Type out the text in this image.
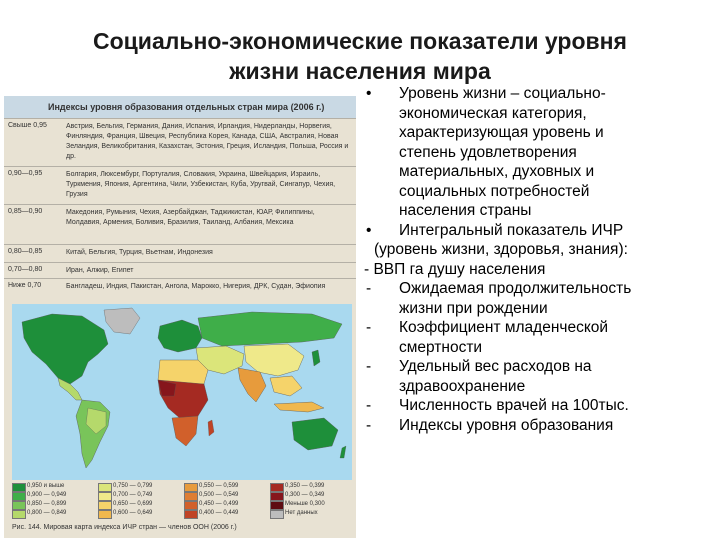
Социально-экономические показатели уровня
жизни населения мира
Индексы уровня образования отдельных стран мира (2006 г.)
Свыше 0,95	Австрия, Бельгия, Германия, Дания, Испания, Ирландия, Нидерланды, Норвегия, Финляндия, Франция, Швеция, Республика Корея, Канада, США, Австралия, Новая Зеландия, Великобритания, Казахстан, Эстония, Греция, Исландия, Польша, Россия и др.
0,90—0,95	Болгария, Люксембург, Португалия, Словакия, Украина, Швейцария, Израиль, Туркмения, Япония, Аргентина, Чили, Узбекистан, Куба, Уругвай, Сингапур, Чехия, Грузия
0,85—0,90	Македония, Румыния, Чехия, Азербайджан, Таджикистан, ЮАР, Филиппины, Молдавия, Армения, Боливия, Бразилия, Таиланд, Албания, Мексика
0,80—0,85	Китай, Бельгия, Турция, Вьетнам, Индонезия
0,70—0,80	Иран, Алжир, Египет
Ниже 0,70	Бангладеш, Индия, Пакистан, Ангола, Марокко, Нигерия, ДРК, Судан, Эфиопия
0,950 и выше
0,900 — 0,949
0,850 — 0,899
0,800 — 0,849
0,750 — 0,799
0,700 — 0,749
0,650 — 0,699
0,600 — 0,649
0,550 — 0,599
0,500 — 0,549
0,450 — 0,499
0,400 — 0,449
0,350 — 0,399
0,300 — 0,349
Меньше 0,300
Нет данных
Рис. 144. Мировая карта индекса ИЧР стран — членов ООН (2006 г.)
• Уровень жизни – социально-
экономическая категория,
характеризующая уровень и
степень удовлетворения
материальных, духовных и
социальных потребностей
населения страны
• Интегральный показатель ИЧР
(уровень жизни, здоровья, знания):
- ВВП га душу населения
- Ожидаемая продолжительность
жизни при рождении
- Коэффициент младенческой
смертности
- Удельный вес расходов на
здравоохранение
- Численность врачей на 100тыс.
- Индексы уровня образования
